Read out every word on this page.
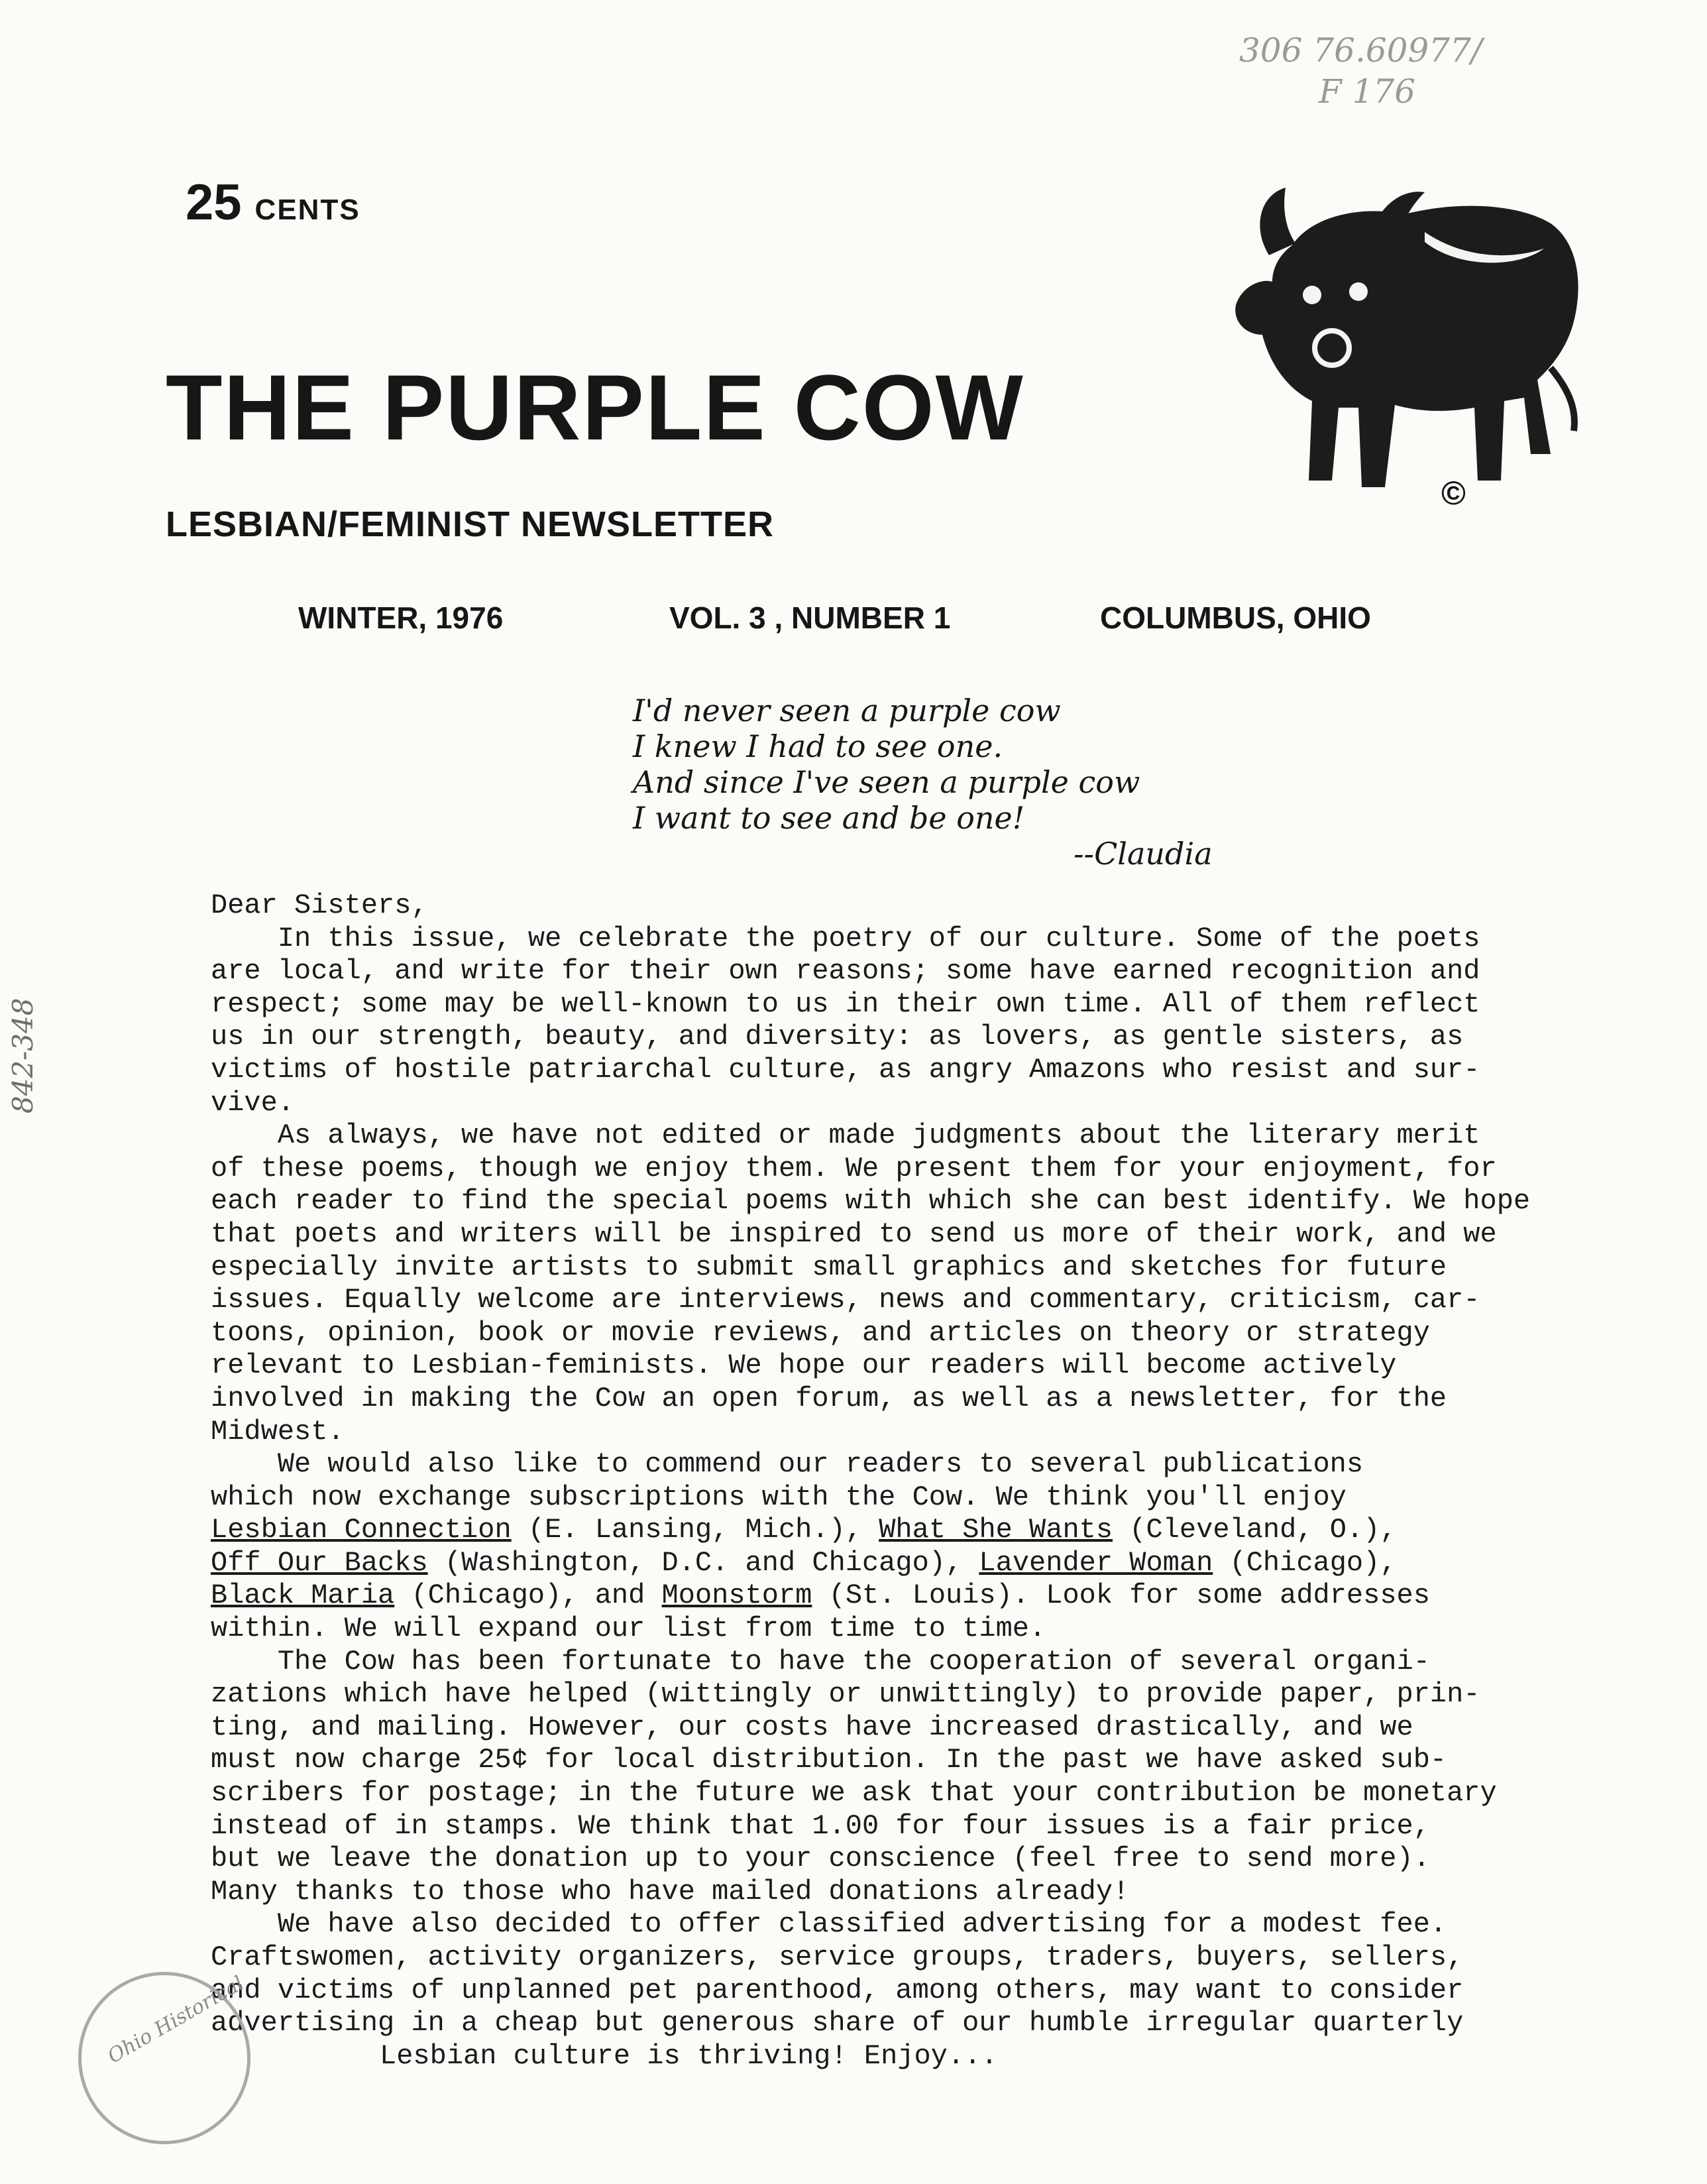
306 76.60977/
F 176
842-348
25 CENTS
THE PURPLE COW
©
LESBIAN/FEMINIST NEWSLETTER
WINTER, 1976	VOL. 3 , NUMBER 1	COLUMBUS, OHIO
I'd never seen a purple cow
I knew I had to see one.
And since I've seen a purple cow
I want to see and be one!
--Claudia

Dear Sisters,

In this issue, we celebrate the poetry of our culture. Some of the poets

are local, and write for their own reasons; some have earned recognition and

respect; some may be well-known to us in their own time. All of them reflect

us in our strength, beauty, and diversity: as lovers, as gentle sisters, as

victims of hostile patriarchal culture, as angry Amazons who resist and sur-

vive.

As always, we have not edited or made judgments about the literary merit

of these poems, though we enjoy them. We present them for your enjoyment, for

each reader to find the special poems with which she can best identify. We hope

that poets and writers will be inspired to send us more of their work, and we

especially invite artists to submit small graphics and sketches for future

issues. Equally welcome are interviews, news and commentary, criticism, car-

toons, opinion, book or movie reviews, and articles on theory or strategy

relevant to Lesbian-feminists. We hope our readers will become actively

involved in making the Cow an open forum, as well as a newsletter, for the

Midwest.

We would also like to commend our readers to several publications

which now exchange subscriptions with the Cow. We think you'll enjoy

Lesbian Connection (E. Lansing, Mich.), What She Wants (Cleveland, O.),

Off Our Backs (Washington, D.C. and Chicago), Lavender Woman (Chicago),

Black Maria (Chicago), and Moonstorm (St. Louis). Look for some addresses

within. We will expand our list from time to time.

The Cow has been fortunate to have the cooperation of several organi-

zations which have helped (wittingly or unwittingly) to provide paper, prin-

ting, and mailing. However, our costs have increased drastically, and we

must now charge 25¢ for local distribution. In the past we have asked sub-

scribers for postage; in the future we ask that your contribution be monetary

instead of in stamps. We think that 1.00 for four issues is a fair price,

but we leave the donation up to your conscience (feel free to send more).

Many thanks to those who have mailed donations already!

We have also decided to offer classified advertising for a modest fee.

Craftswomen, activity organizers, service groups, traders, buyers, sellers,

and victims of unplanned pet parenthood, among others, may want to consider

advertising in a cheap but generous share of our humble irregular quarterly

Lesbian culture is thriving! Enjoy...

Ohio Historical
